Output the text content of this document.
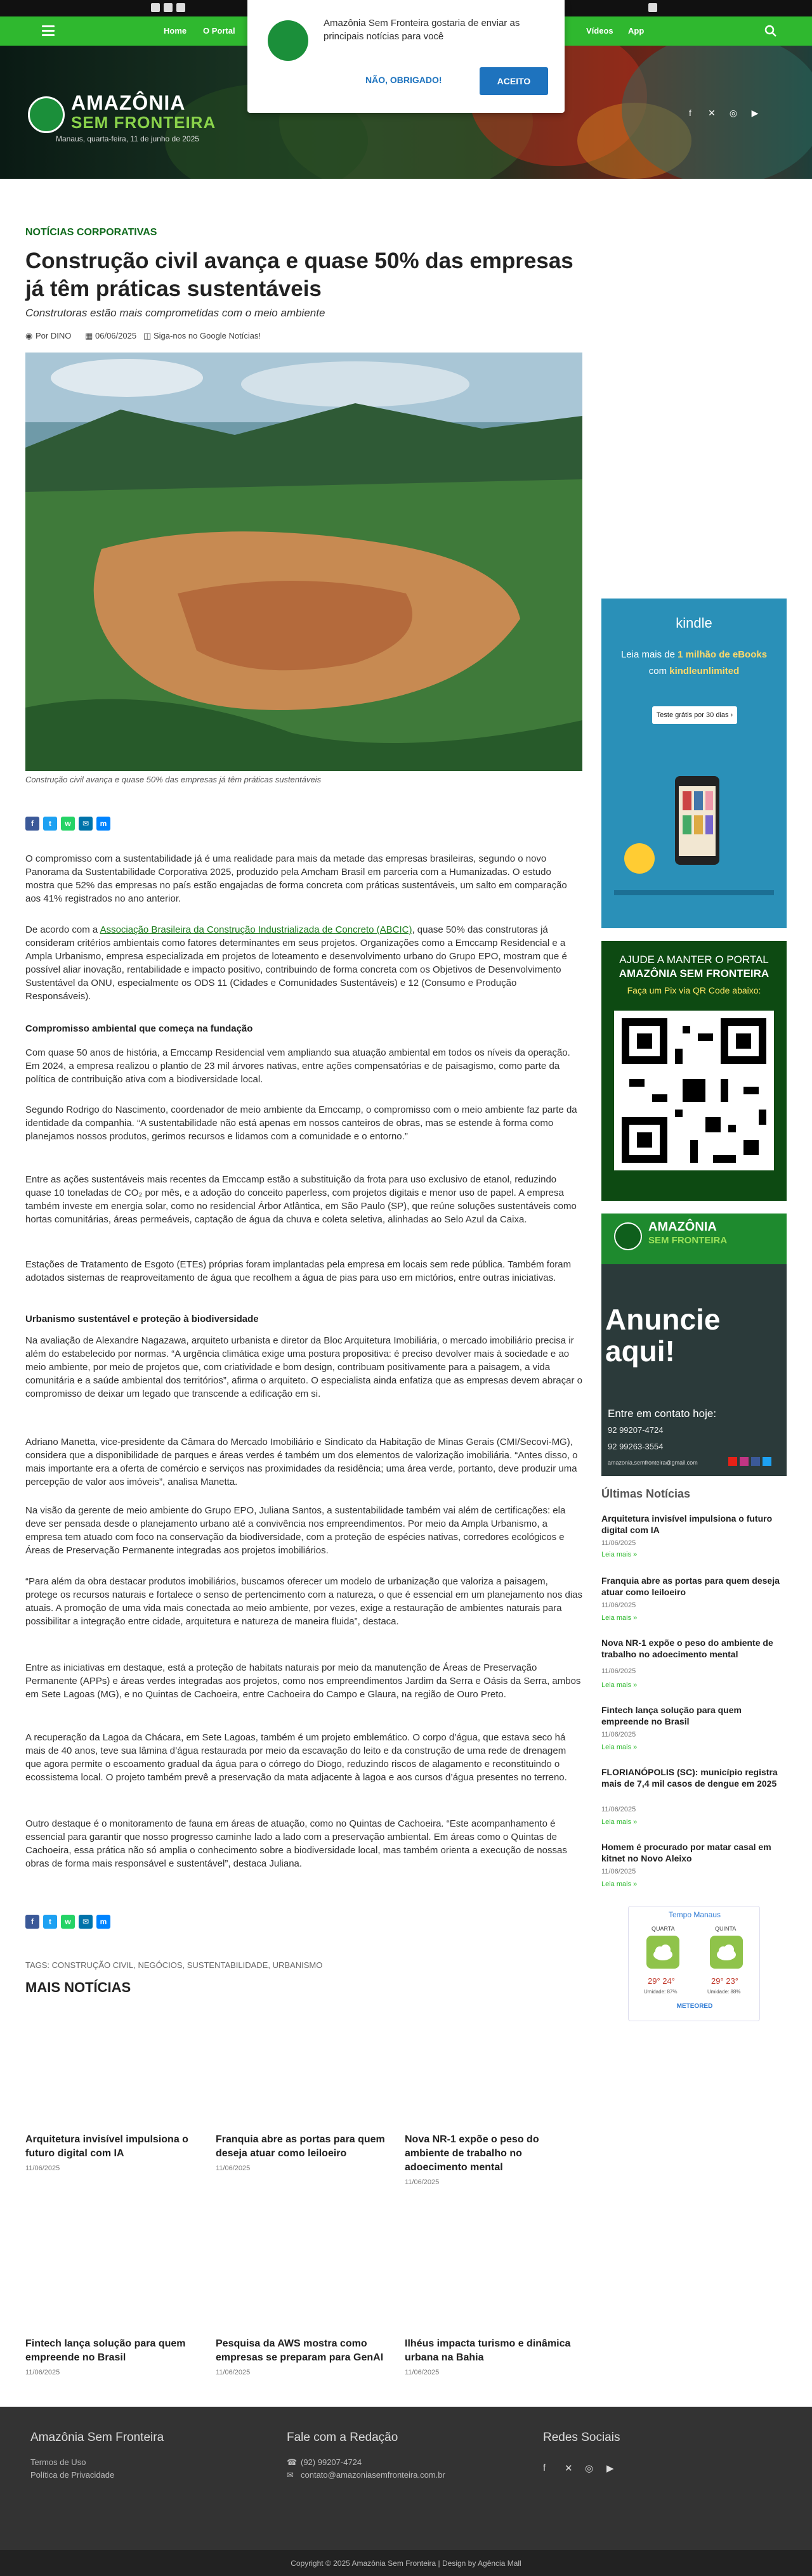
Home O Portal	Vídeos App
AMAZÔNIA
SEM FRONTEIRA
Manaus, quarta-feira, 11 de junho de 2025
f	✕ ◎	▶
Amazônia Sem Fronteira gostaria de enviar as principais notícias para você
NÃO, OBRIGADO!	ACEITO
NOTÍCIAS CORPORATIVAS
Construção civil avança e quase 50% das empresas já têm práticas sustentáveis
Construtoras estão mais comprometidas com o meio ambiente
◉ Por DINO ▦ 06/06/2025 ◫ Siga-nos no Google Notícias!
Construção civil avança e quase 50% das empresas já têm práticas sustentáveis
f	t	w	✉	m

O compromisso com a sustentabilidade já é uma realidade para mais da metade das empresas brasileiras, segundo o novo Panorama da Sustentabilidade Corporativa 2025, produzido pela Amcham Brasil em parceria com a Humanizadas. O estudo mostra que 52% das empresas no país estão engajadas de forma concreta com práticas sustentáveis, um salto em comparação aos 41% registrados no ano anterior.

De acordo com a Associação Brasileira da Construção Industrializada de Concreto (ABCIC), quase 50% das construtoras já consideram critérios ambientais como fatores determinantes em seus projetos. Organizações como a Emccamp Residencial e a Ampla Urbanismo, empresa especializada em projetos de loteamento e desenvolvimento urbano do Grupo EPO, mostram que é possível aliar inovação, rentabilidade e impacto positivo, contribuindo de forma concreta com os Objetivos de Desenvolvimento Sustentável da ONU, especialmente os ODS 11 (Cidades e Comunidades Sustentáveis) e 12 (Consumo e Produção Responsáveis).

Compromisso ambiental que começa na fundação

Com quase 50 anos de história, a Emccamp Residencial vem ampliando sua atuação ambiental em todos os níveis da operação. Em 2024, a empresa realizou o plantio de 23 mil árvores nativas, entre ações compensatórias e de paisagismo, como parte da política de contribuição ativa com a biodiversidade local.

Segundo Rodrigo do Nascimento, coordenador de meio ambiente da Emccamp, o compromisso com o meio ambiente faz parte da identidade da companhia. “A sustentabilidade não está apenas em nossos canteiros de obras, mas se estende à forma como planejamos nossos produtos, gerimos recursos e lidamos com a comunidade e o entorno.”

Entre as ações sustentáveis mais recentes da Emccamp estão a substituição da frota para uso exclusivo de etanol, reduzindo quase 10 toneladas de CO₂ por mês, e a adoção do conceito paperless, com projetos digitais e menor uso de papel. A empresa também investe em energia solar, como no residencial Árbor Atlântica, em São Paulo (SP), que reúne soluções sustentáveis como hortas comunitárias, áreas permeáveis, captação de água da chuva e coleta seletiva, alinhadas ao Selo Azul da Caixa.

Estações de Tratamento de Esgoto (ETEs) próprias foram implantadas pela empresa em locais sem rede pública. Também foram adotados sistemas de reaproveitamento de água que recolhem a água de pias para uso em mictórios, entre outras iniciativas.

Urbanismo sustentável e proteção à biodiversidade

Na avaliação de Alexandre Nagazawa, arquiteto urbanista e diretor da Bloc Arquitetura Imobiliária, o mercado imobiliário precisa ir além do estabelecido por normas. “A urgência climática exige uma postura propositiva: é preciso devolver mais à sociedade e ao meio ambiente, por meio de projetos que, com criatividade e bom design, contribuam positivamente para a paisagem, a vida comunitária e a saúde ambiental dos territórios”, afirma o arquiteto. O especialista ainda enfatiza que as empresas devem abraçar o compromisso de deixar um legado que transcende a edificação em si.

Adriano Manetta, vice-presidente da Câmara do Mercado Imobiliário e Sindicato da Habitação de Minas Gerais (CMI/Secovi-MG), considera que a disponibilidade de parques e áreas verdes é também um dos elementos de valorização imobiliária. “Antes disso, o mais importante era a oferta de comércio e serviços nas proximidades da residência; uma área verde, portanto, deve produzir uma percepção de valor aos imóveis”, analisa Manetta.

Na visão da gerente de meio ambiente do Grupo EPO, Juliana Santos, a sustentabilidade também vai além de certificações: ela deve ser pensada desde o planejamento urbano até a convivência nos empreendimentos. Por meio da Ampla Urbanismo, a empresa tem atuado com foco na conservação da biodiversidade, com a proteção de espécies nativas, corredores ecológicos e Áreas de Preservação Permanente integradas aos projetos imobiliários.

“Para além da obra destacar produtos imobiliários, buscamos oferecer um modelo de urbanização que valoriza a paisagem, protege os recursos naturais e fortalece o senso de pertencimento com a natureza, o que é essencial em um planejamento nos dias atuais. A promoção de uma vida mais conectada ao meio ambiente, por vezes, exige a restauração de ambientes naturais para possibilitar a integração entre cidade, arquitetura e natureza de maneira fluida”, destaca.

Entre as iniciativas em destaque, está a proteção de habitats naturais por meio da manutenção de Áreas de Preservação Permanente (APPs) e áreas verdes integradas aos projetos, como nos empreendimentos Jardim da Serra e Oásis da Serra, ambos em Sete Lagoas (MG), e no Quintas de Cachoeira, entre Cachoeira do Campo e Glaura, na região de Ouro Preto.

A recuperação da Lagoa da Chácara, em Sete Lagoas, também é um projeto emblemático. O corpo d’água, que estava seco há mais de 40 anos, teve sua lâmina d’água restaurada por meio da escavação do leito e da construção de uma rede de drenagem que agora permite o escoamento gradual da água para o córrego do Diogo, reduzindo riscos de alagamento e reconstituindo o ecossistema local. O projeto também prevê a preservação da mata adjacente à lagoa e aos cursos d’água presentes no terreno.

Outro destaque é o monitoramento de fauna em áreas de atuação, como no Quintas de Cachoeira. “Este acompanhamento é essencial para garantir que nosso progresso caminhe lado a lado com a preservação ambiental. Em áreas como o Quintas de Cachoeira, essa prática não só amplia o conhecimento sobre a biodiversidade local, mas também orienta a execução de nossas obras de forma mais responsável e sustentável”, destaca Juliana.

f	t	w	✉	m
TAGS: CONSTRUÇÃO CIVIL, NEGÓCIOS, SUSTENTABILIDADE, URBANISMO
MAIS NOTÍCIAS
Arquitetura invisível impulsiona o futuro digital com IA
11/06/2025
Franquia abre as portas para quem deseja atuar como leiloeiro
11/06/2025
Nova NR-1 expõe o peso do ambiente de trabalho no adoecimento mental
11/06/2025
Fintech lança solução para quem empreende no Brasil
11/06/2025
Pesquisa da AWS mostra como empresas se preparam para GenAI
11/06/2025
Ilhéus impacta turismo e dinâmica urbana na Bahia
11/06/2025
kindle
Leia mais de 1 milhão de eBooks
com kindleunlimited
Teste grátis por 30 dias ›
AJUDE A MANTER O PORTAL
AMAZÔNIA SEM FRONTEIRA
Faça um Pix via QR Code abaixo:
AMAZÔNIA
SEM FRONTEIRA
Anuncie
aqui!
Entre em contato hoje:
92 99207-4724
92 99263-3554
amazonia.semfronteira@gmail.com
Últimas Notícias
Arquitetura invisível impulsiona o futuro digital com IA
11/06/2025
Leia mais »
Franquia abre as portas para quem deseja atuar como leiloeiro
11/06/2025
Leia mais »
Nova NR-1 expõe o peso do ambiente de trabalho no adoecimento mental
11/06/2025
Leia mais »
Fintech lança solução para quem empreende no Brasil
11/06/2025
Leia mais »
FLORIANÓPOLIS (SC): município registra mais de 7,4 mil casos de dengue em 2025
11/06/2025
Leia mais »
Homem é procurado por matar casal em kitnet no Novo Aleixo
11/06/2025
Leia mais »
Tempo Manaus
QUARTA	QUINTA
29° 24°	29° 23°
Umidade: 87%	Umidade: 88%
METEORED
Amazônia Sem Fronteira
Termos de Uso
Política de Privacidade
Fale com a Redação
☎ (92) 99207-4724
✉ contato@amazoniasemfronteira.com.br
Redes Sociais
f ✕ ◎ ▶
Copyright © 2025 Amazônia Sem Fronteira | Design by Agência Mall
